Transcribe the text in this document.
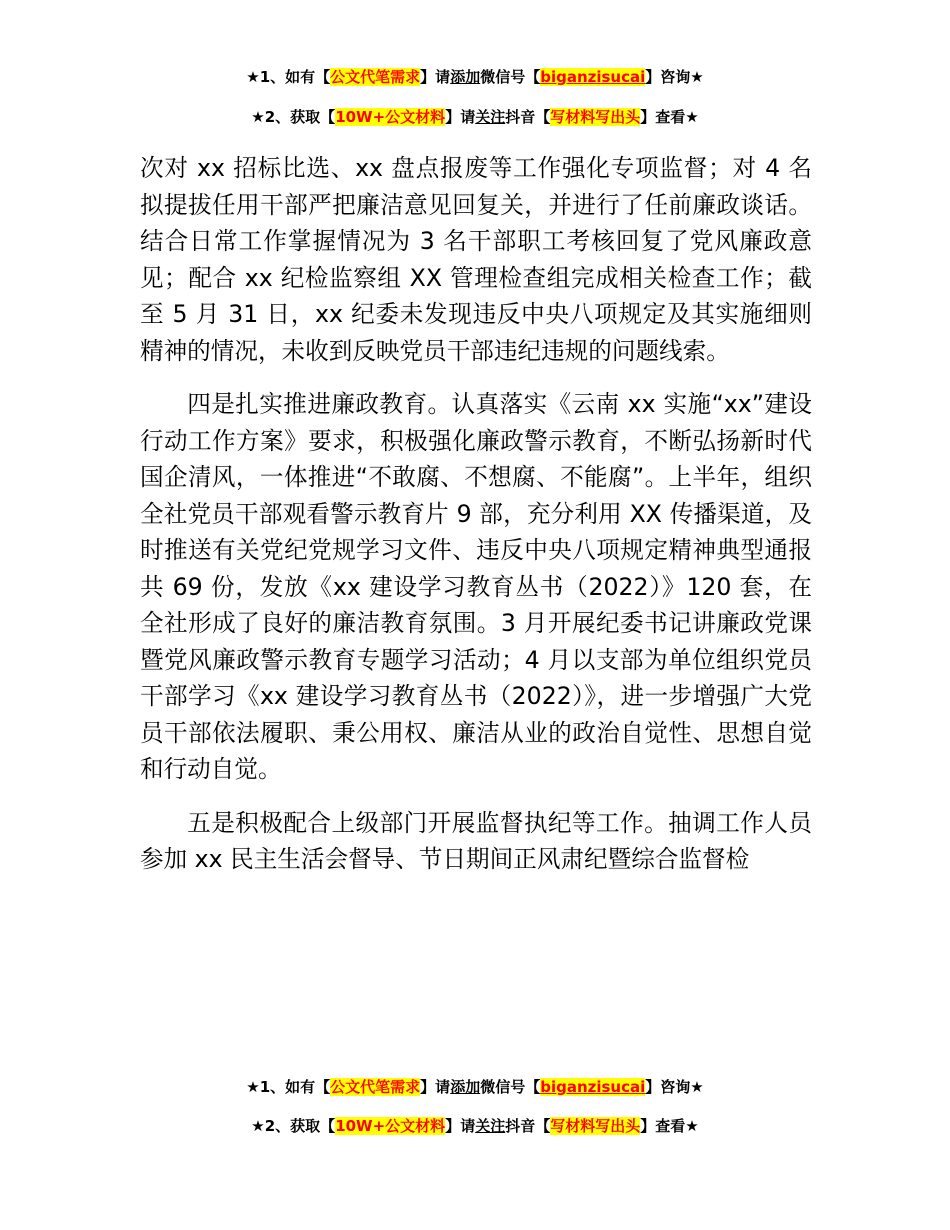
★1、如有【公文代笔需求】请添加微信号【biganzisucai】咨询★
★2、获取【10W+公文材料】请关注抖音【写材料写出头】查看★

次对 xx 招标比选、xx 盘点报废等工作强化专项监督；对 4 名拟提拔任用干部严把廉洁意见回复关，并进行了任前廉政谈话。结合日常工作掌握情况为 3 名干部职工考核回复了党风廉政意见；配合 xx 纪检监察组 XX 管理检查组完成相关检查工作；截至 5 月 31 日，xx 纪委未发现违反中央八项规定及其实施细则精神的情况，未收到反映党员干部违纪违规的问题线索。

四是扎实推进廉政教育。认真落实《云南 xx 实施“xx”建设行动工作方案》要求，积极强化廉政警示教育，不断弘扬新时代国企清风，一体推进“不敢腐、不想腐、不能腐”。上半年，组织全社党员干部观看警示教育片 9 部，充分利用 XX 传播渠道，及时推送有关党纪党规学习文件、违反中央八项规定精神典型通报共 69 份，发放《xx 建设学习教育丛书（2022）》120 套，在全社形成了良好的廉洁教育氛围。3 月开展纪委书记讲廉政党课暨党风廉政警示教育专题学习活动；4 月以支部为单位组织党员干部学习《xx 建设学习教育丛书（2022）》，进一步增强广大党员干部依法履职、秉公用权、廉洁从业的政治自觉性、思想自觉和行动自觉。

五是积极配合上级部门开展监督执纪等工作。抽调工作人员参加 xx 民主生活会督导、节日期间正风肃纪暨综合监督检

★1、如有【公文代笔需求】请添加微信号【biganzisucai】咨询★
★2、获取【10W+公文材料】请关注抖音【写材料写出头】查看★
